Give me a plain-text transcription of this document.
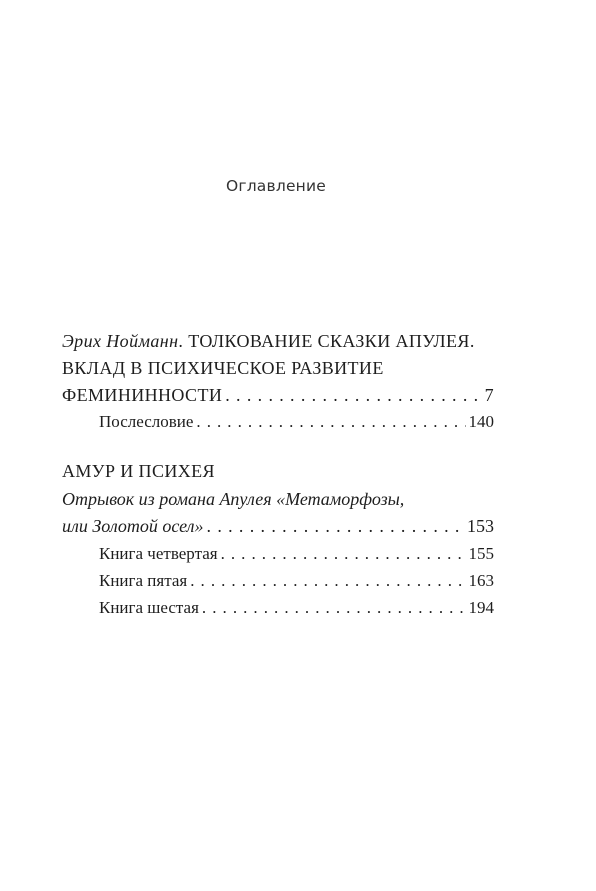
Оглавление
Эрих Нойманн. ТОЛКОВАНИЕ СКАЗКИ АПУЛЕЯ.
ВКЛАД В ПСИХИЧЕСКОЕ РАЗВИТИЕ
ФЕМИНИННОСТИ . . .	7
Послесловие . . .	140
АМУР И ПСИХЕЯ
Отрывок из романа Апулея «Метаморфозы,
или Золотой осел» . . .	153
Книга четвертая . . .	155
Книга пятая . . .	163
Книга шестая . . .	194
